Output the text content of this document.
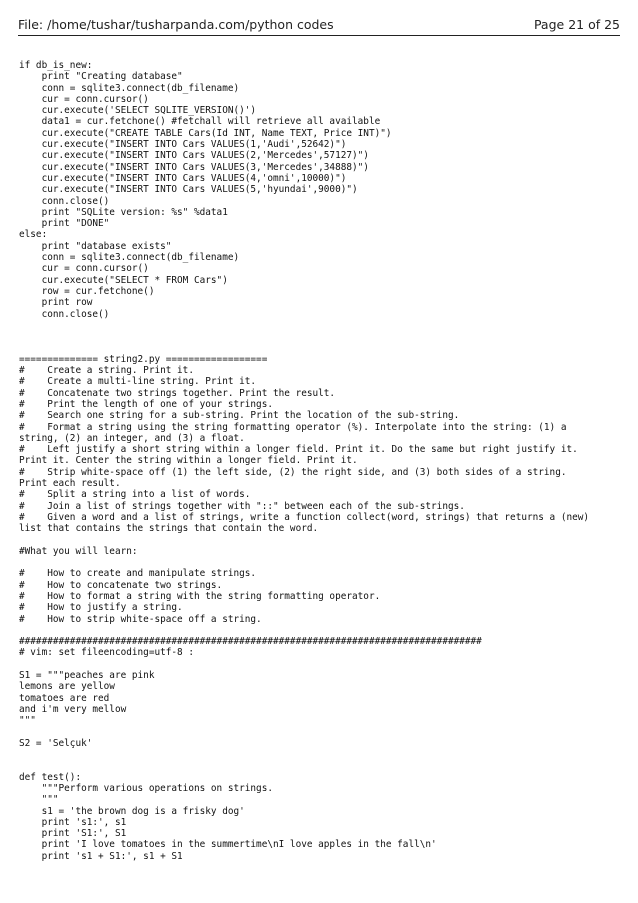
File: /home/tushar/tusharpanda.com/python codes	Page 21 of 25
if db_is_new:
print "Creating database"
conn = sqlite3.connect(db_filename)
cur = conn.cursor()
cur.execute('SELECT SQLITE_VERSION()')
data1 = cur.fetchone() #fetchall will retrieve all available
cur.execute("CREATE TABLE Cars(Id INT, Name TEXT, Price INT)")
cur.execute("INSERT INTO Cars VALUES(1,'Audi',52642)")
cur.execute("INSERT INTO Cars VALUES(2,'Mercedes',57127)")
cur.execute("INSERT INTO Cars VALUES(3,'Mercedes',34888)")
cur.execute("INSERT INTO Cars VALUES(4,'omni',10000)")
cur.execute("INSERT INTO Cars VALUES(5,'hyundai',9000)")
conn.close()
print "SQLite version: %s" %data1
print "DONE"
else:
print "database exists"
conn = sqlite3.connect(db_filename)
cur = conn.cursor()
cur.execute("SELECT * FROM Cars")
row = cur.fetchone()
print row
conn.close()

============== string2.py ==================
#    Create a string. Print it.
#    Create a multi-line string. Print it.
#    Concatenate two strings together. Print the result.
#    Print the length of one of your strings.
#    Search one string for a sub-string. Print the location of the sub-string.
#    Format a string using the string formatting operator (%). Interpolate into the string: (1) a
string, (2) an integer, and (3) a float.
#    Left justify a short string within a longer field. Print it. Do the same but right justify it.
Print it. Center the string within a longer field. Print it.
#    Strip white-space off (1) the left side, (2) the right side, and (3) both sides of a string.
Print each result.
#    Split a string into a list of words.
#    Join a list of strings together with "::" between each of the sub-strings.
#    Given a word and a list of strings, write a function collect(word, strings) that returns a (new)
list that contains the strings that contain the word.

#What you will learn:

#    How to create and manipulate strings.
#    How to concatenate two strings.
#    How to format a string with the string formatting operator.
#    How to justify a string.
#    How to strip white-space off a string.

##################################################################################
# vim: set fileencoding=utf-8 :

S1 = """peaches are pink
lemons are yellow
tomatoes are red
and i'm very mellow
"""

S2 = 'Selçuk'

def test():
"""Perform various operations on strings.
"""
s1 = 'the brown dog is a frisky dog'
print 's1:', s1
print 'S1:', S1
print 'I love tomatoes in the summertime\nI love apples in the fall\n'
print 's1 + S1:', s1 + S1
